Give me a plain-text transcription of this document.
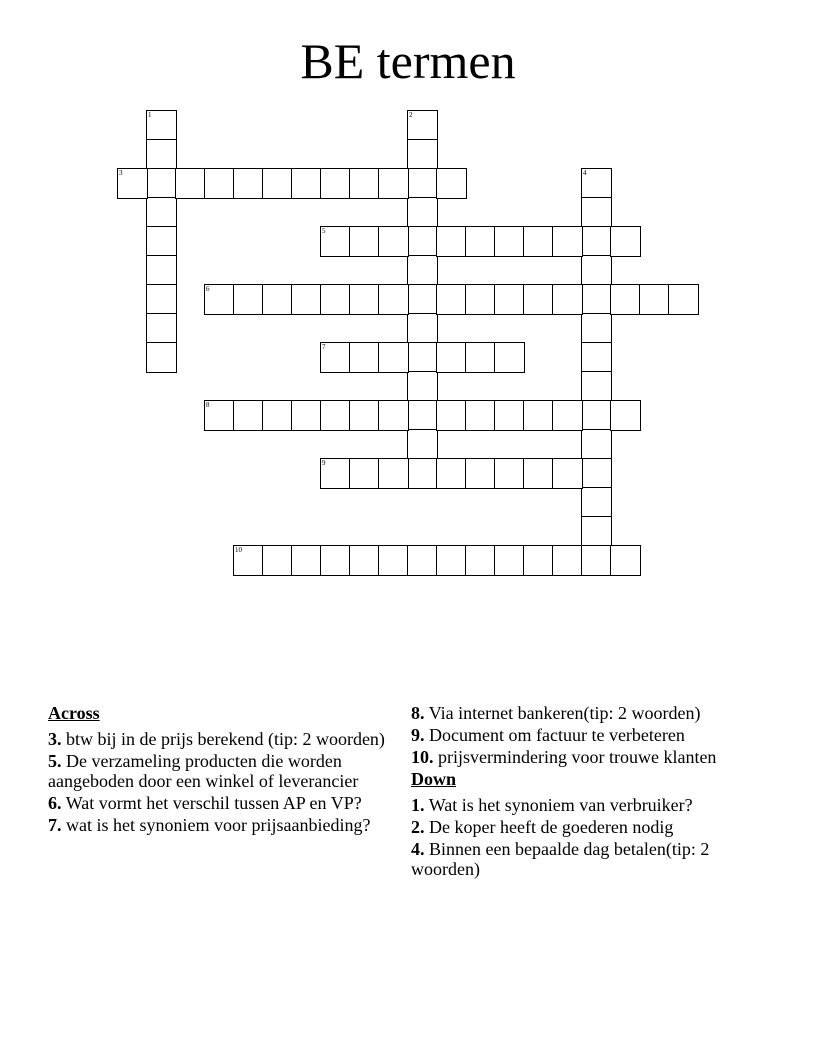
BE termen
1	2
3	4
5
6
7
8
9
10
Across
3. btw bij in de prijs berekend (tip: 2 woorden)
5. De verzameling producten die worden aangeboden door een winkel of leverancier
6. Wat vormt het verschil tussen AP en VP?
7. wat is het synoniem voor prijsaanbieding?
8. Via internet bankeren(tip: 2 woorden)
9. Document om factuur te verbeteren
10. prijsvermindering voor trouwe klanten
Down
1. Wat is het synoniem van verbruiker?
2. De koper heeft de goederen nodig
4. Binnen een bepaalde dag betalen(tip: 2 woorden)
